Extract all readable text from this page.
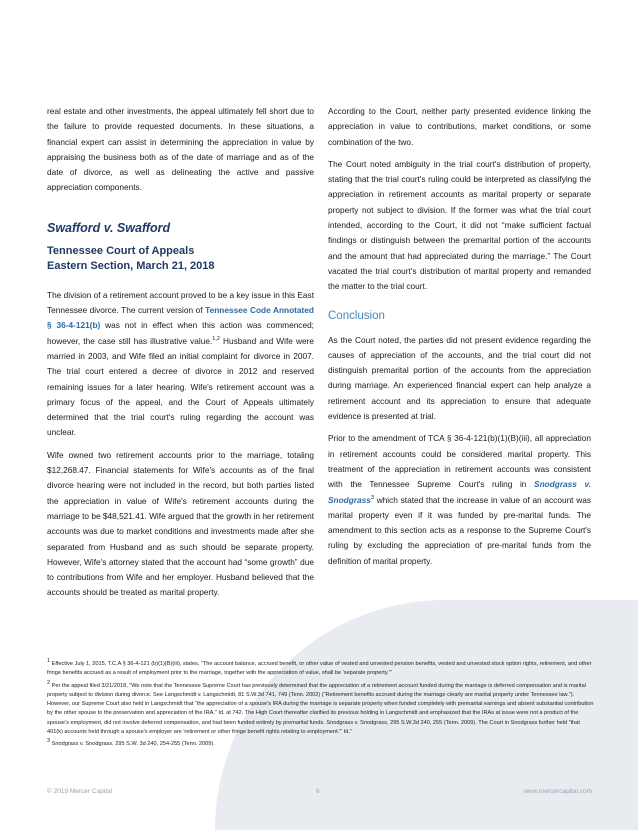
real estate and other investments, the appeal ultimately fell short due to the failure to provide requested documents. In these situations, a financial expert can assist in determining the appreciation in value by appraising the business both as of the date of marriage and as of the date of divorce, as well as delineating the active and passive appreciation components.

Swafford v. Swafford
Tennessee Court of Appeals
Eastern Section, March 21, 2018

The division of a retirement account proved to be a key issue in this East Tennessee divorce. The current version of Tennessee Code Annotated § 36-4-121(b) was not in effect when this action was commenced; however, the case still has illustrative value.$^{1,2}$ Husband and Wife were married in 2003, and Wife filed an initial complaint for divorce in 2007. The trial court entered a decree of divorce in 2012 and reserved remaining issues for a later hearing. Wife's retirement account was a primary focus of the appeal, and the Court of Appeals ultimately determined that the trial court's ruling regarding the account was unclear.

Wife owned two retirement accounts prior to the marriage, totaling $12,268.47. Financial statements for Wife's accounts as of the final divorce hearing were not included in the record, but both parties listed the appreciation in value of Wife's retirement accounts during the marriage to be $48,521.41. Wife argued that the growth in her retirement accounts was due to market conditions and investments made after she separated from Husband and as such should be separate property. However, Wife's attorney stated that the account had “some growth” due to contributions from Wife and her employer. Husband believed that the accounts should be treated as marital property.

According to the Court, neither party presented evidence linking the appreciation in value to contributions, market conditions, or some combination of the two.

The Court noted ambiguity in the trial court's distribution of property, stating that the trial court's ruling could be interpreted as classifying the appreciation in retirement accounts as marital property or separate property not subject to division. If the former was what the trial court intended, according to the Court, it did not “make sufficient factual findings or distinguish between the premarital portion of the accounts and the amount that had appreciated during the marriage.” The Court vacated the trial court's distribution of marital property and remanded the matter to the trial court.

Conclusion

As the Court noted, the parties did not present evidence regarding the causes of appreciation of the accounts, and the trial court did not distinguish premarital portion of the accounts from the appreciation during marriage. An experienced financial expert can help analyze a retirement account and its appreciation to ensure that adequate evidence is presented at trial.

Prior to the amendment of TCA § 36-4-121(b)(1)(B)(iii), all appreciation in retirement accounts could be considered marital property. This treatment of the appreciation in retirement accounts was consistent with the Tennessee Supreme Court's ruling in Snodgrass v. Snodgrass$^3$ which stated that the increase in value of an account was marital property even if it was funded by pre-marital funds. The amendment to this section acts as a response to the Supreme Court's ruling by excluding the appreciation of pre-marital funds from the definition of marital property.

$^1$ Effective July 1, 2015, T.C.A § 36-4-121 (b)(1)(B)(iii), states, “The account balance, accrued benefit, or other value of vested and unvested pension benefits, vested and unvested stock option rights, retirement, and other fringe benefits accrued as a result of employment prior to the marriage, together with the appreciation of value, shall be 'separate property.'”

$^2$ Per the appeal filed 3/21/2018, “We note that the Tennessee Supreme Court has previously determined that the appreciation of a retirement account funded during the marriage is deferred compensation and is marital property subject to division during divorce. See Langschmidt v. Langschmidt, 81 S.W.3d 741, 749 (Tenn. 2002) (“Retirement benefits accrued during the marriage clearly are marital property under Tennessee law.”). However, our Supreme Court also held in Langschmidt that “the appreciation of a spouse's IRA during the marriage is separate property when funded completely with premarital earnings and absent substantial contribution by the other spouse to the preservation and appreciation of the IRA.” Id. at 742. The High Court thereafter clarified its previous holding in Langschmidt and emphasized that the IRAs at issue were not a product of the spouse's employment, did not involve deferred compensation, and had been funded entirely by premarital funds. Snodgrass v. Snodgrass, 295 S.W.3d 240, 255 (Tenn. 2009). The Court in Snodgrass further held “that 401(k) accounts held through a spouse's employer are 'retirement or other fringe benefit rights relating to employment.'” Id.”

$^3$ Snodgrass v. Snodgrass, 295 S.W. 3d 240, 254-255 (Tenn. 2009).

© 2019 Mercer Capital	6	www.mercercapital.com
